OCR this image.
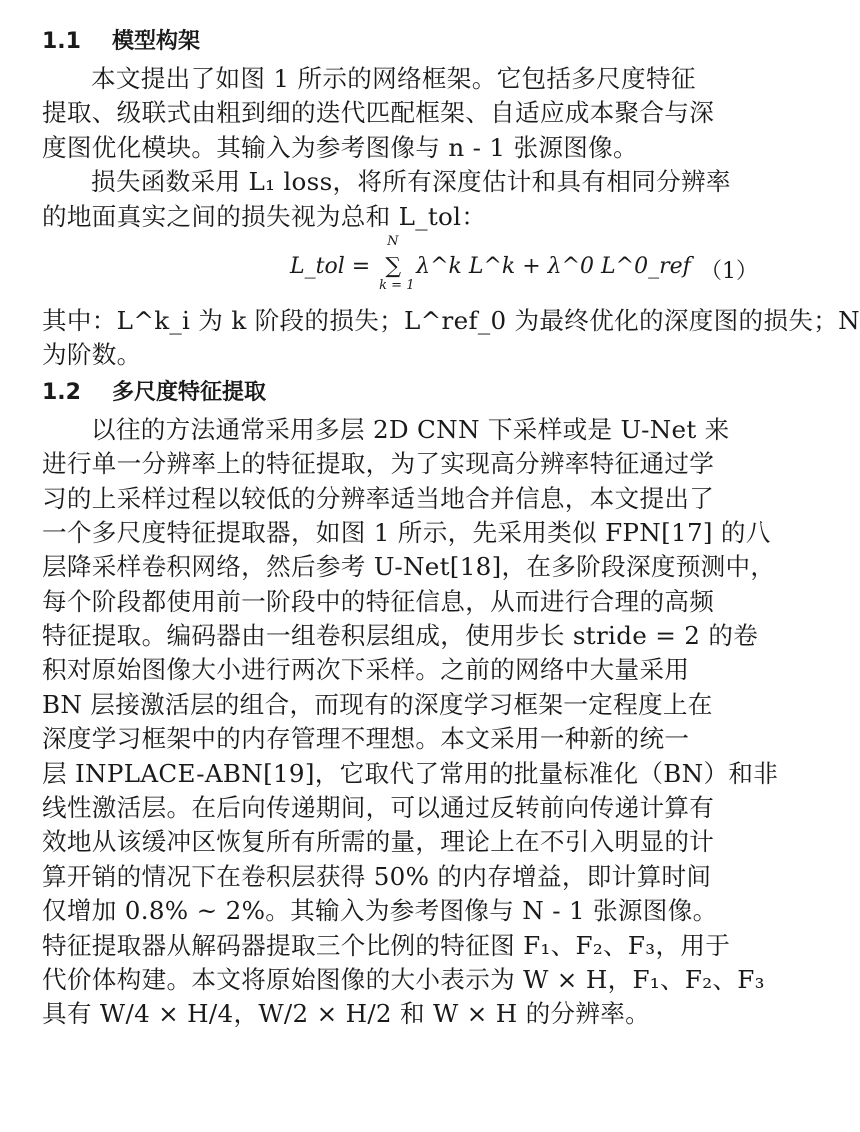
1.1 模型构架
本文提出了如图 1 所示的网络框架。它包括多尺度特征
提取、级联式由粗到细的迭代匹配框架、自适应成本聚合与深
度图优化模块。其输入为参考图像与 n - 1 张源图像。
损失函数采用 L₁ loss，将所有深度估计和具有相同分辨率
的地面真实之间的损失视为总和 L_tol：
L_tol = ∑
N
k = 1
λ^k L^k + λ^0 L^0_ref （1）
其中：L^k_i 为 k 阶段的损失；L^ref_0 为最终优化的深度图的损失；N
为阶数。
1.2 多尺度特征提取
以往的方法通常采用多层 2D CNN 下采样或是 U-Net 来
进行单一分辨率上的特征提取，为了实现高分辨率特征通过学
习的上采样过程以较低的分辨率适当地合并信息，本文提出了
一个多尺度特征提取器，如图 1 所示，先采用类似 FPN[17] 的八
层降采样卷积网络，然后参考 U-Net[18]，在多阶段深度预测中，
每个阶段都使用前一阶段中的特征信息，从而进行合理的高频
特征提取。编码器由一组卷积层组成，使用步长 stride = 2 的卷
积对原始图像大小进行两次下采样。之前的网络中大量采用
BN 层接激活层的组合，而现有的深度学习框架一定程度上在
深度学习框架中的内存管理不理想。本文采用一种新的统一
层 INPLACE-ABN[19]，它取代了常用的批量标准化（BN）和非
线性激活层。在后向传递期间，可以通过反转前向传递计算有
效地从该缓冲区恢复所有所需的量，理论上在不引入明显的计
算开销的情况下在卷积层获得 50% 的内存增益，即计算时间
仅增加 0.8% ~ 2%。其输入为参考图像与 N - 1 张源图像。
特征提取器从解码器提取三个比例的特征图 F₁、F₂、F₃，用于
代价体构建。本文将原始图像的大小表示为 W × H，F₁、F₂、F₃
具有 W/4 × H/4，W/2 × H/2 和 W × H 的分辨率。
